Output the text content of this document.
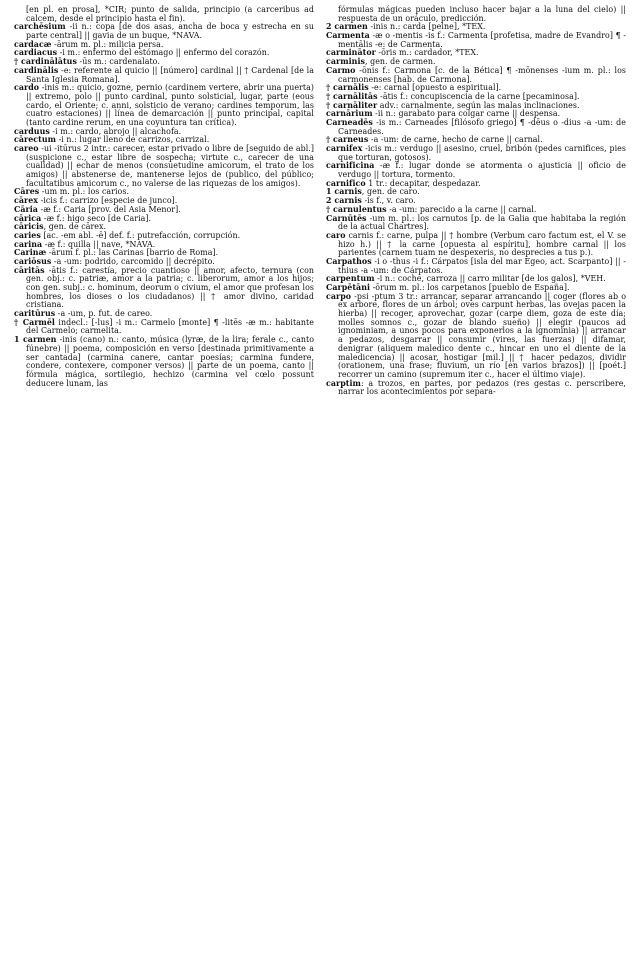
[en pl. en prosa], *CIR; punto de salida, principio (a carceribus ad calcem, desde el principio hasta el fin).

carchēsium -ii n.: copa [de dos asas, ancha de boca y estrecha en su parte central] || gavia de un buque, *NAVA.

cardacæ -ārum m. pl.: milicia persa.

cardiacus -i m.: enfermo del estómago || enfermo del corazón.

† cardinālātus -ūs m.: cardenalato.

cardinālis -e: referente al quicio || [número] cardinal || † Cardenal [de la Santa Iglesia Romana].

cardo -inis m.: quicio, gozne, pernio (cardinem vertere, abrir una puerta) || extremo, polo || punto cardinal, punto solsticial, lugar, parte (eous cardo, el Oriente; c. anni, solsticio de verano; cardines temporum, las cuatro estaciones) || línea de demarcación || punto principal, capital (tanto cardine rerum, en una coyuntura tan crítica).

carduus -i m.: cardo, abrojo || alcachofa.

cārectum -i n.: lugar lleno de carrizos, carrizal.

careo -ui -itūrus 2 intr.: carecer, estar privado o libre de [seguido de abl.] (suspicione c., estar libre de sospecha; virtute c., carecer de una cualidad) || echar de menos (consuetudine amicorum, el trato de los amigos) || abstenerse de, mantenerse lejos de (publico, del público; facultatibus amicorum c., no valerse de las riquezas de los amigos).

Cāres -um m. pl.: los carios.

cārex -icis f.: carrizo [especie de junco].

Cāria -æ f.: Caria [prov. del Asia Menor].

cārica -æ f.: higo seco [de Caria].

cāricis, gen. de cārex.

caries [ac. -em abl. -ē] def. f.: putrefacción, corrupción.

carina -æ f.: quilla || nave, *NAVA.

Carinæ -ārum f. pl.: las Carinas [barrio de Roma].

cariōsus -a -um: podrido, carcomido || decrépito.

cāritās -ātis f.: carestía, precio cuantioso || amor, afecto, ternura (con gen. obj.: c. patriæ, amor a la patria; c. liberorum, amor a los hijos; con gen. subj.: c. hominum, deorum o civium, el amor que profesan los hombres, los dioses o los ciudadanos) || † amor divino, caridad cristiana.

caritūrus -a -um, p. fut. de careo.

† Carmēl indecl.: [-lus] -i m.: Carmelo [monte] ¶ -litēs -æ m.: habitante del Carmelo; carmelita.

1 carmen -inis (cano) n.: canto, música (lyræ, de la lira; ferale c., canto fúnebre) || poema, composición en verso [destinada primitivamente a ser cantada] (carmina canere, cantar poesías; carmina fundere, condere, contexere, componer versos) || parte de un poema, canto || fórmula mágica, sortilegio, hechizo (carmina vel cœlo possunt deducere lunam, las

fórmulas mágicas pueden incluso hacer bajar a la luna del cielo) || respuesta de un oráculo, predicción.

2 carmen -inis n.: carda [peine], *TEX.

Carmenta -æ o -mentis -is f.: Carmenta [profetisa, madre de Evandro] ¶ -mentālis -e: de Carmenta.

carminātor -ōris m.: cardador, *TEX.

carminis, gen. de carmen.

Carmo -ōnis f.: Carmona [c. de la Bética] ¶ -mōnenses -ium m. pl.: los carmonenses [hab. de Carmona].

† carnālis -e: carnal [opuesto a espiritual].

† carnālitās -ātis f.: concupiscencia de la carne [pecaminosa].

† carnāliter adv.: carnalmente, según las malas inclinaciones.

carnārium -ii n.: garabato para colgar carne || despensa.

Carneadēs -is m.: Carneades [filósofo griego] ¶ -dēus o -dius -a -um: de Carneades.

† carneus -a -um: de carne, hecho de carne || carnal.

carnifex -icis m.: verdugo || asesino, cruel, bribón (pedes carnifices, pies que torturan, gotosos).

carnificina -æ f.: lugar donde se atormenta o ajusticia || oficio de verdugo || tortura, tormento.

carnifico 1 tr.: decapitar, despedazar.

1 carnis, gen. de caro.

2 carnis -is f., v. caro.

† carnulentus -a -um: parecido a la carne || carnal.

Carnūtēs -um m. pl.: los carnutos [p. de la Galia que habitaba la región de la actual Chartres].

caro carnis f.: carne, pulpa || † hombre (Verbum caro factum est, el V. se hizo h.) || † la carne [opuesta al espíritu], hombre carnal || los parientes (carnem tuam ne despexeris, no desprecies a tus p.).

Carpathos -i o -thus -i f.: Cárpatos [isla del mar Egeo, act. Scarpanto] || -thius -a -um: de Cárpatos.

carpentum -i n.: coche, carroza || carro militar [de los galos], *VEH.

Carpētāni -ōrum m. pl.: los carpetanos [pueblo de España].

carpo -psi -ptum 3 tr.: arrancar, separar arrancando || coger (flores ab o ex arbore, flores de un árbol; oves carpunt herbas, las ovejas pacen la hierba) || recoger, aprovechar, gozar (carpe diem, goza de este día; molles somnos c., gozar de blando sueño) || elegir (paucos ad ignominiam, a unos pocos para exponerlos a la ignominia) || arrancar a pedazos, desgarrar || consumir (vires, las fuerzas) || difamar, denigrar (aliquem maledico dente c., hincar en uno el diente de la maledicencia) || acosar, hostigar [mil.] || † hacer pedazos, dividir (orationem, una frase; fluvium, un río [en varios brazos]) || [poét.] recorrer un camino (supremum iter c., hacer el último viaje).

carptim: a trozos, en partes, por pedazos (res gestas c. perscribere, narrar los acontecimientos por separa-
